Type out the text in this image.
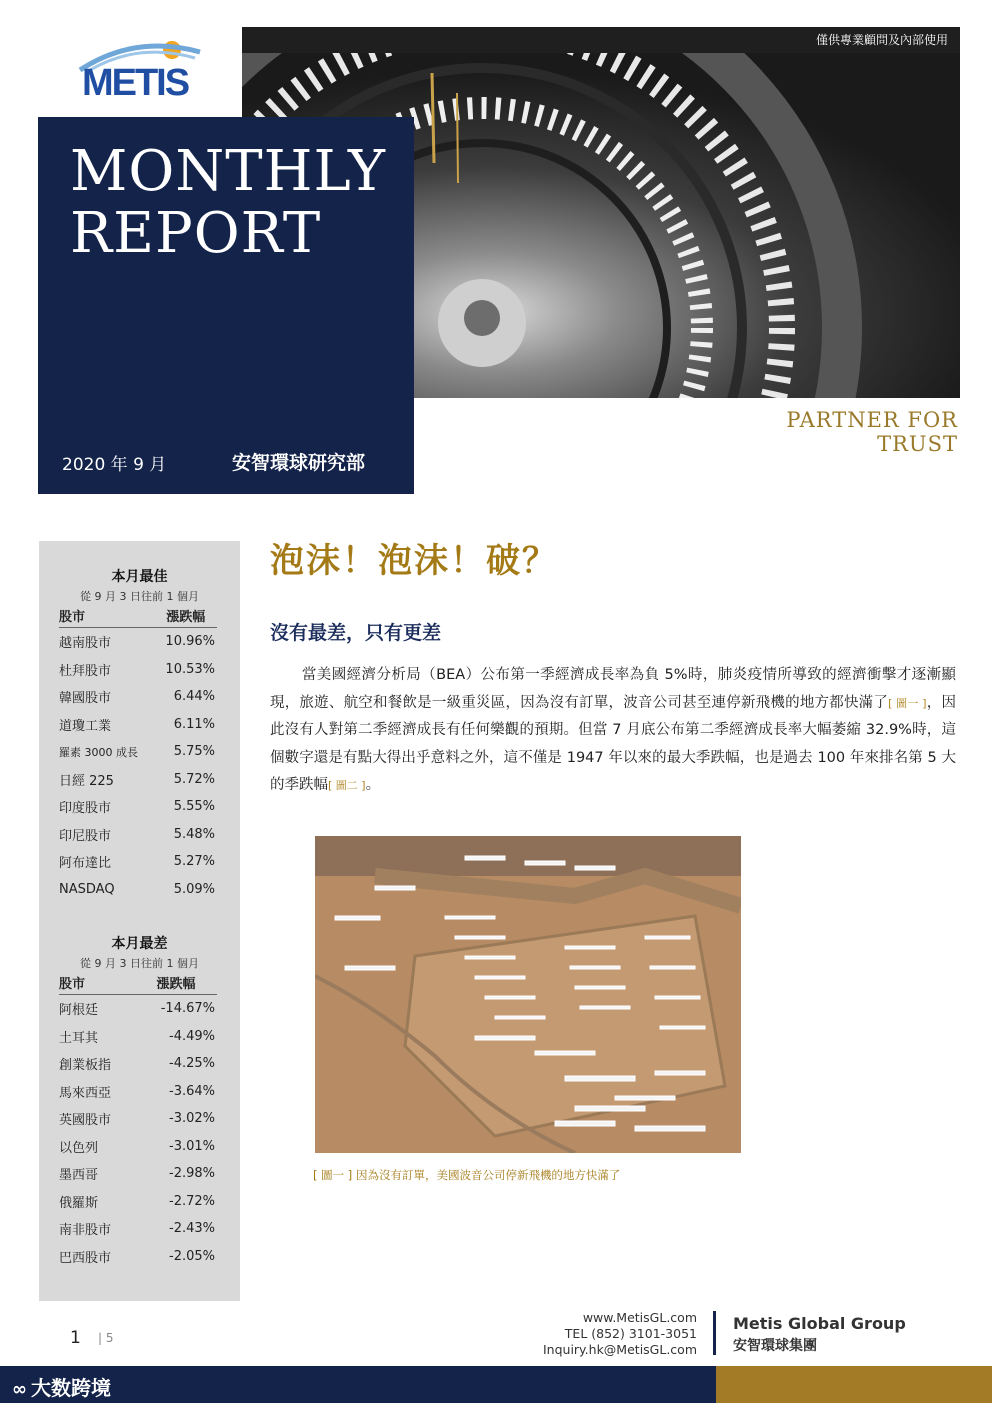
僅供專業顧問及內部使用
METIS
MONTHLY
REPORT
2020 年 9 月	安智環球研究部
PARTNER FOR TRUST
本月最佳
從 9 月 3 日往前 1 個月
股市	漲跌幅
越南股市	10.96%
杜拜股市	10.53%
韓國股市	6.44%
道瓊工業	6.11%
羅素 3000 成長	5.75%
日經 225	5.72%
印度股市	5.55%
印尼股市	5.48%
阿布達比	5.27%
NASDAQ	5.09%
本月最差
從 9 月 3 日往前 1 個月
股市	漲跌幅
阿根廷	-14.67%
土耳其	-4.49%
創業板指	-4.25%
馬來西亞	-3.64%
英國股市	-3.02%
以色列	-3.01%
墨西哥	-2.98%
俄羅斯	-2.72%
南非股市	-2.43%
巴西股市	-2.05%
泡沫！泡沫！破？
沒有最差，只有更差
當美國經濟分析局（BEA）公布第一季經濟成長率為負 5%時，肺炎疫情所導致的經濟衝擊才逐漸顯現，旅遊、航空和餐飲是一級重災區，因為沒有訂單，波音公司甚至連停新飛機的地方都快滿了[ 圖一 ]，因此沒有人對第二季經濟成長有任何樂觀的預期。但當 7 月底公布第二季經濟成長率大幅萎縮 32.9%時，這個數字還是有點大得出乎意料之外，這不僅是 1947 年以來的最大季跌幅，也是過去 100 年來排名第 5 大的季跌幅[ 圖二 ]。
[ 圖一 ] 因為沒有訂單，美國波音公司停新飛機的地方快滿了
1 | 5
www.MetisGL.com
TEL (852) 3101-3051
Inquiry.hk@MetisGL.com
Metis Global Group
安智環球集團
∞ 大数跨境
